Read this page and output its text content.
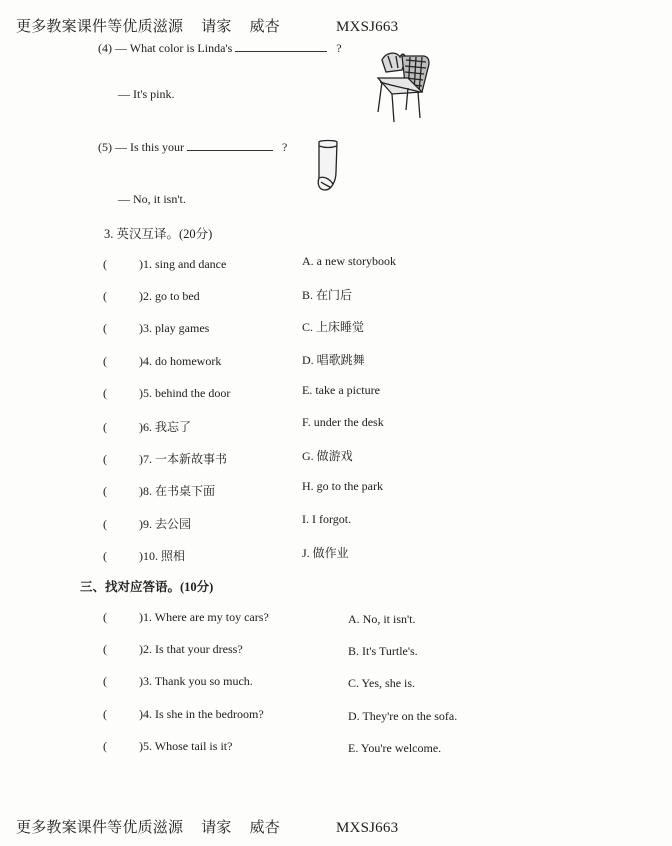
更多教案课件等优质滋源 请家 威杏	MXSJ663
(4) — What color is Linda's	?
— It's pink.
(5) — Is this your	?
— No, it isn't.
3. 英汉互译。(20分)
(	)1. sing and dance	A. a new storybook
(	)2. go to bed	B. 在门后
(	)3. play games	C. 上床睡觉
(	)4. do homework	D. 唱歌跳舞
(	)5. behind the door	E. take a picture
(	)6. 我忘了	F. under the desk
(	)7. 一本新故事书	G. 做游戏
(	)8. 在书桌下面	H. go to the park
(	)9. 去公园	I. I forgot.
(	)10. 照相	J. 做作业
三、找对应答语。(10分)
(	)1. Where are my toy cars?	A. No, it isn't.
(	)2. Is that your dress?	B. It's Turtle's.
(	)3. Thank you so much.	C. Yes, she is.
(	)4. Is she in the bedroom?	D. They're on the sofa.
(	)5. Whose tail is it?	E. You're welcome.
更多教案课件等优质滋源 请家 威杏	MXSJ663
